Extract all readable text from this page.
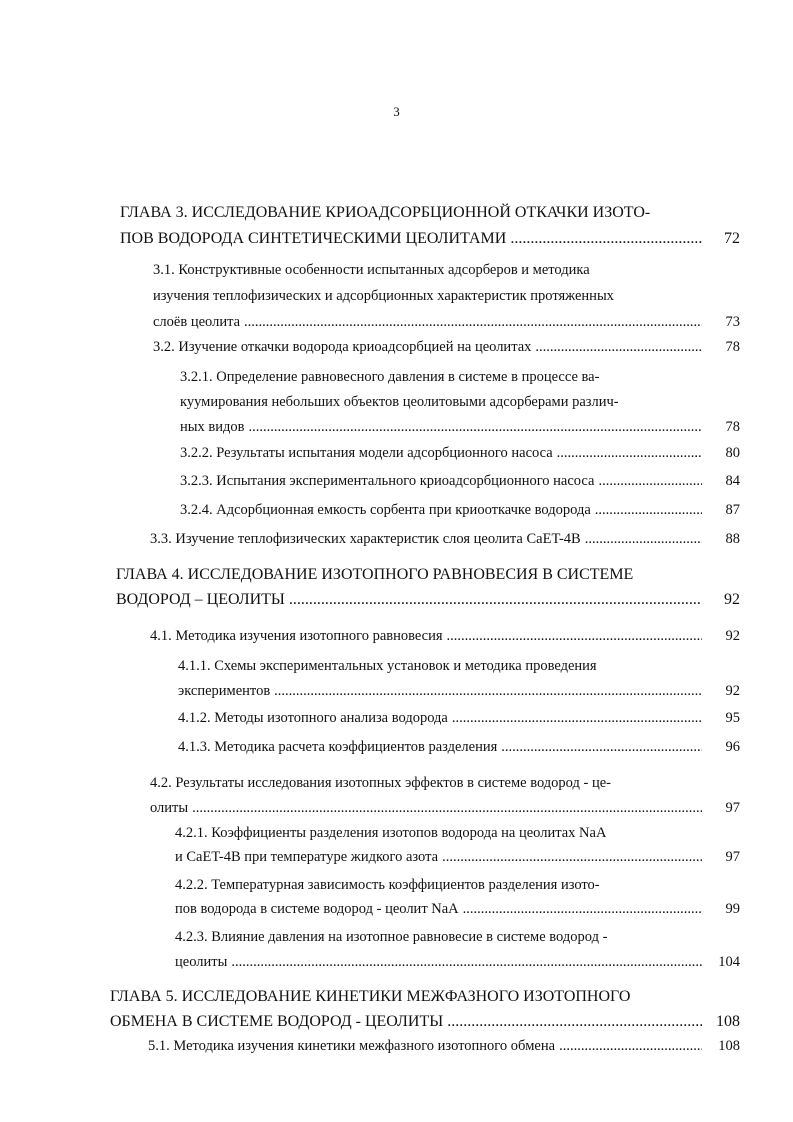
3
ГЛАВА 3. ИССЛЕДОВАНИЕ КРИОАДСОРБЦИОННОЙ ОТКАЧКИ ИЗОТО-
ПОВ ВОДОРОДА СИНТЕТИЧЕСКИМИ ЦЕОЛИТАМИ .....	72
3.1. Конструктивные особенности испытанных адсорберов и методика
изучения теплофизических и адсорбционных характеристик протяженных
слоёв цеолита .....	73
3.2. Изучение откачки водорода криоадсорбцией на цеолитах .....	78
3.2.1. Определение равновесного давления в системе в процессе ва-
куумирования небольших объектов цеолитовыми адсорберами различ-
ных видов .....	78
3.2.2. Результаты испытания модели адсорбционного насоса .....	80
3.2.3. Испытания экспериментального криоадсорбционного насоса .....	84
3.2.4. Адсорбционная емкость сорбента при криооткачке водорода .....	87
3.3. Изучение теплофизических характеристик слоя цеолита CaET-4B .....	88
ГЛАВА 4. ИССЛЕДОВАНИЕ ИЗОТОПНОГО РАВНОВЕСИЯ В СИСТЕМЕ
ВОДОРОД – ЦЕОЛИТЫ .....	92
4.1. Методика изучения изотопного равновесия .....	92
4.1.1. Схемы экспериментальных установок и методика проведения
экспериментов .....	92
4.1.2. Методы изотопного анализа водорода .....	95
4.1.3. Методика расчета коэффициентов разделения .....	96
4.2. Результаты исследования изотопных эффектов в системе водород - це-
олиты .....	97
4.2.1. Коэффициенты разделения изотопов водорода на цеолитах NaA
и CaET-4B при температуре жидкого азота .....	97
4.2.2. Температурная зависимость коэффициентов разделения изото-
пов водорода в системе водород - цеолит NaA .....	99
4.2.3. Влияние давления на изотопное равновесие в системе водород -
цеолиты .....	104
ГЛАВА 5. ИССЛЕДОВАНИЕ КИНЕТИКИ МЕЖФАЗНОГО ИЗОТОПНОГО
ОБМЕНА В СИСТЕМЕ ВОДОРОД - ЦЕОЛИТЫ .....	108
5.1. Методика изучения кинетики межфазного изотопного обмена .....	108
